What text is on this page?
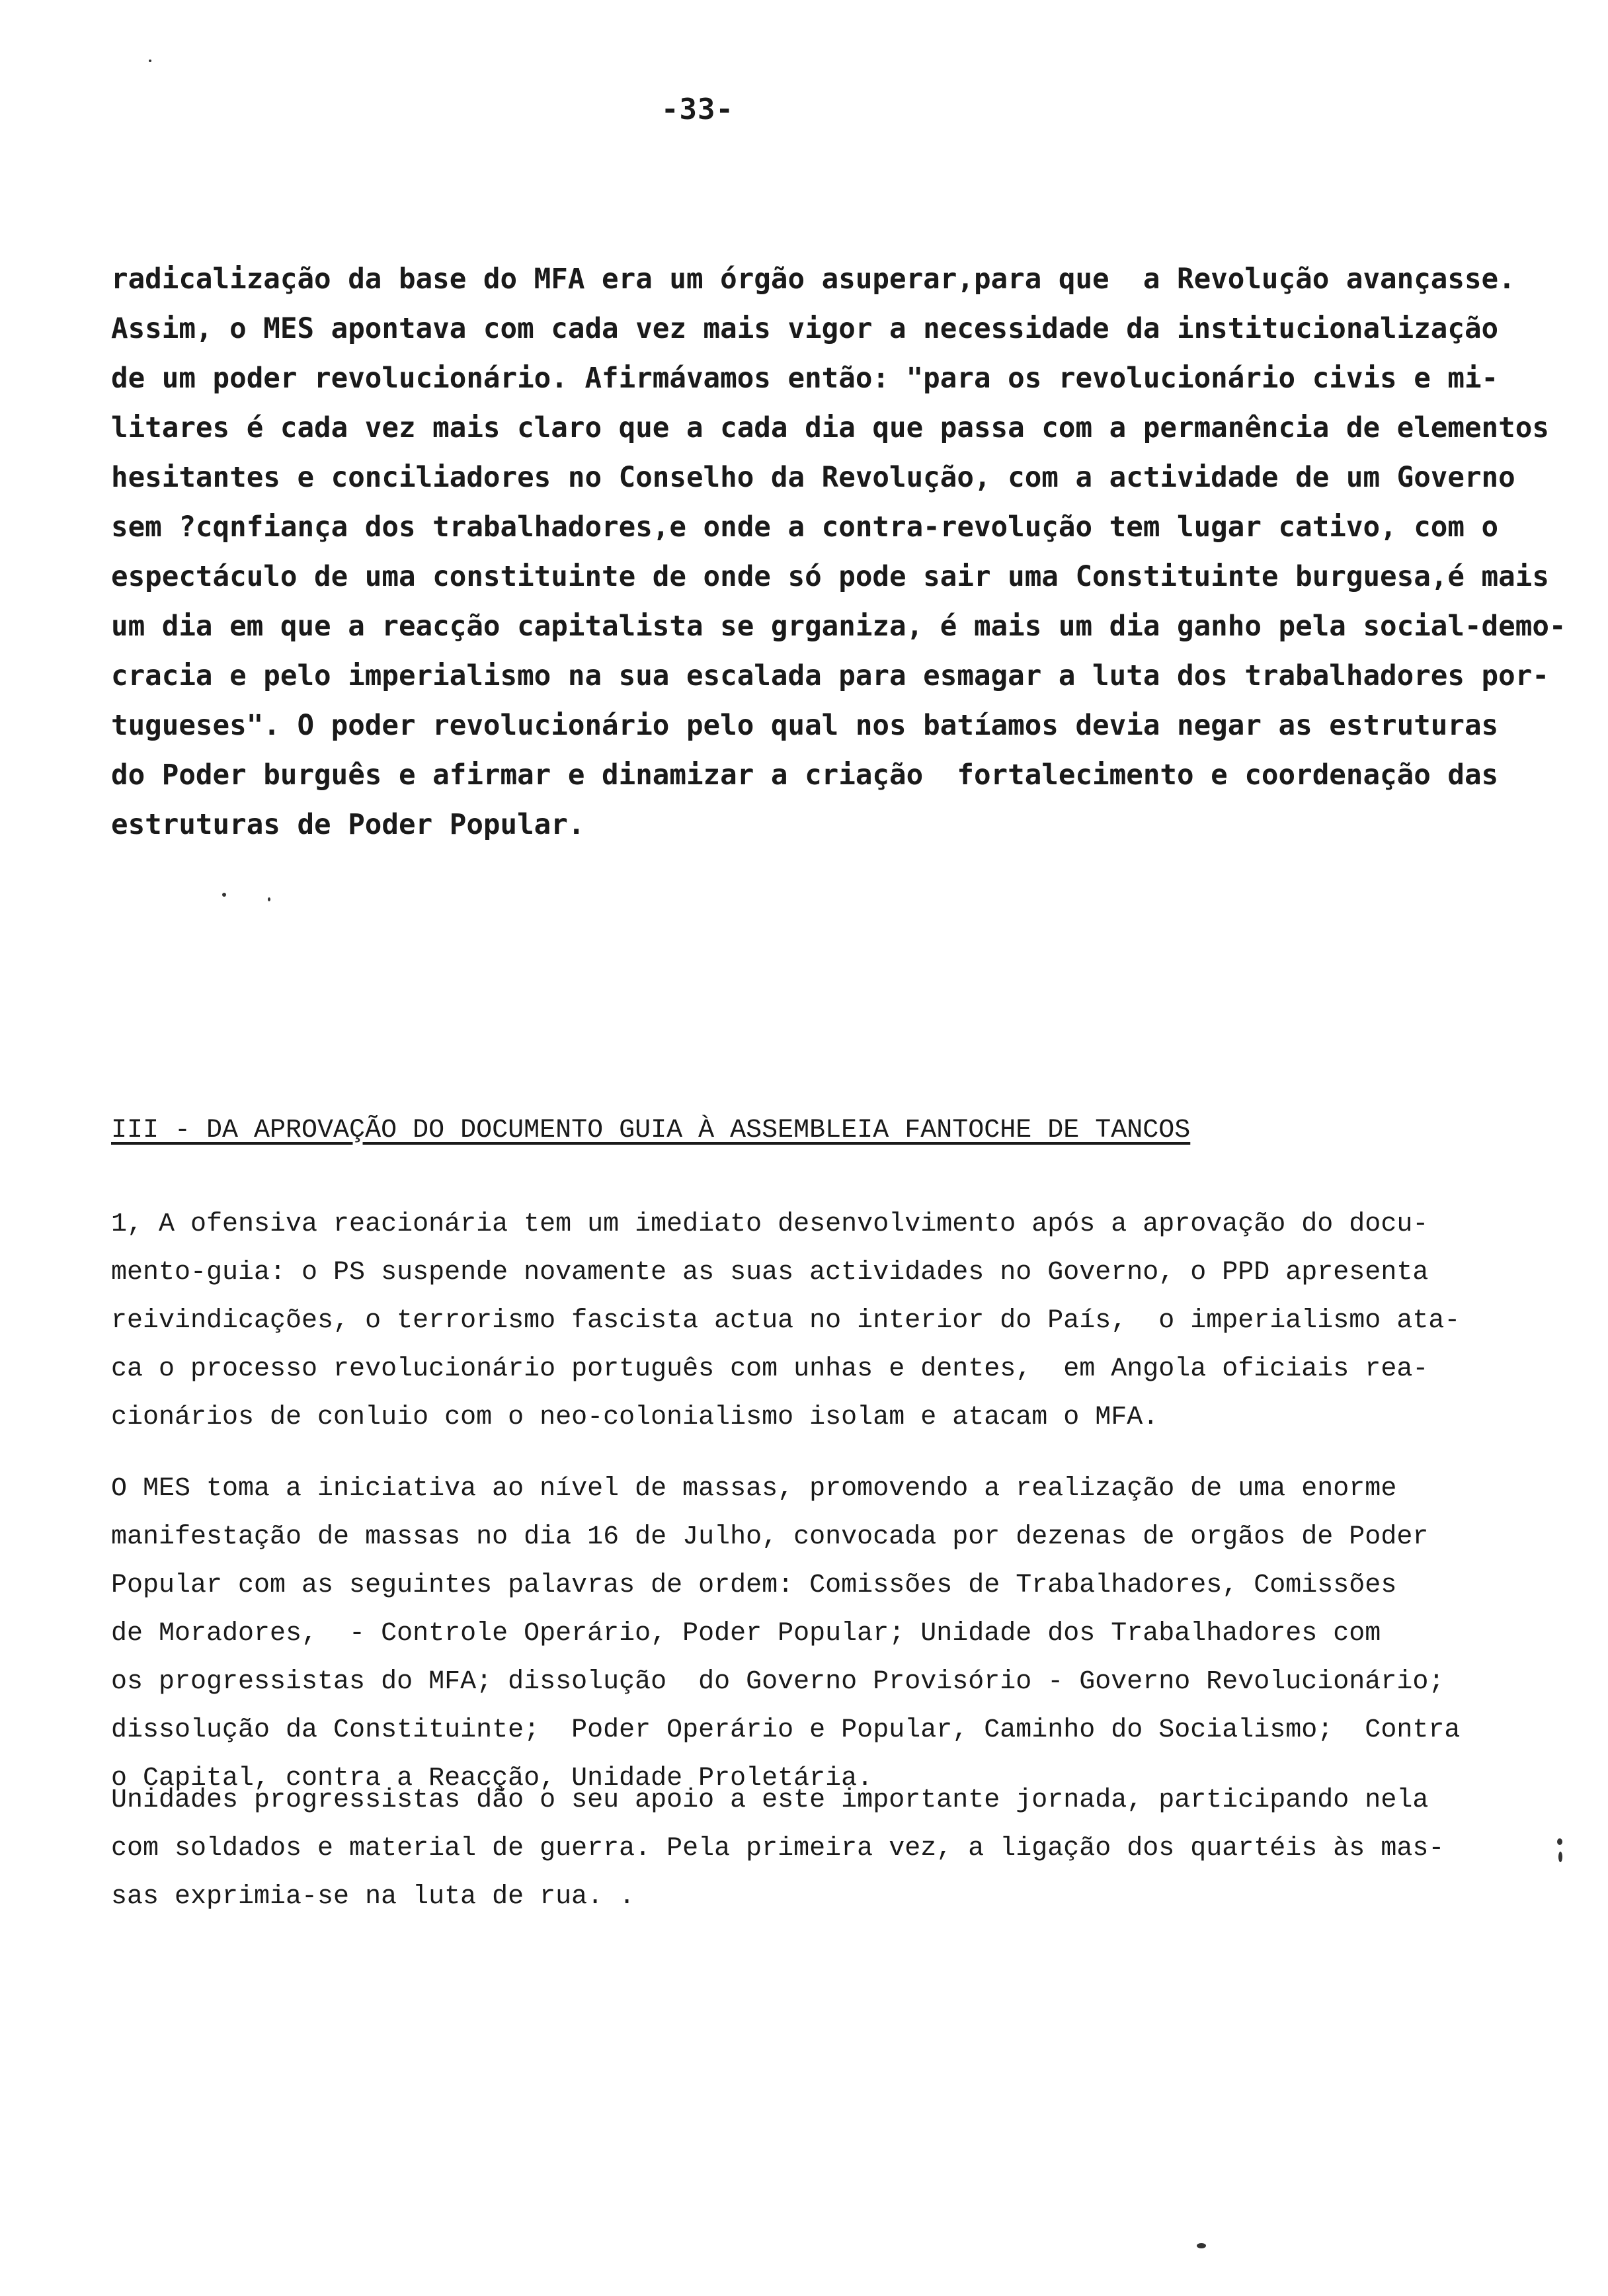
-33-
radicalização da base do MFA era um órgão asuperar,para que  a Revolução avançasse.
Assim, o MES apontava com cada vez mais vigor a necessidade da institucionalização
de um poder revolucionário. Afirmávamos então: "para os revolucionário civis e mi-
litares é cada vez mais claro que a cada dia que passa com a permanência de elementos
hesitantes e conciliadores no Conselho da Revolução, com a actividade de um Governo
sem ?cqnfiança dos trabalhadores,e onde a contra-revolução tem lugar cativo, com o
espectáculo de uma constituinte de onde só pode sair uma Constituinte burguesa,é mais
um dia em que a reacção capitalista se grganiza, é mais um dia ganho pela social-demo-
cracia e pelo imperialismo na sua escalada para esmagar a luta dos trabalhadores por-
tugueses". O poder revolucionário pelo qual nos batíamos devia negar as estruturas
do Poder burguês e afirmar e dinamizar a criação  fortalecimento e coordenação das
estruturas de Poder Popular.
III - DA APROVAÇÃO DO DOCUMENTO GUIA À ASSEMBLEIA FANTOCHE DE TANCOS
1, A ofensiva reacionária tem um imediato desenvolvimento após a aprovação do docu-
mento-guia: o PS suspende novamente as suas actividades no Governo, o PPD apresenta
reivindicações, o terrorismo fascista actua no interior do País,  o imperialismo ata-
ca o processo revolucionário português com unhas e dentes,  em Angola oficiais rea-
cionários de conluio com o neo-colonialismo isolam e atacam o MFA.
O MES toma a iniciativa ao nível de massas, promovendo a realização de uma enorme
manifestação de massas no dia 16 de Julho, convocada por dezenas de orgãos de Poder
Popular com as seguintes palavras de ordem: Comissões de Trabalhadores, Comissões
de Moradores,  - Controle Operário, Poder Popular; Unidade dos Trabalhadores com
os progressistas do MFA; dissolução  do Governo Provisório - Governo Revolucionário;
dissolução da Constituinte;  Poder Operário e Popular, Caminho do Socialismo;  Contra
o Capital, contra a Reacção, Unidade Proletária.
Unidades progressistas dão o seu apoio a este importante jornada, participando nela
com soldados e material de guerra. Pela primeira vez, a ligação dos quartéis às mas-
sas exprimia-se na luta de rua. .
